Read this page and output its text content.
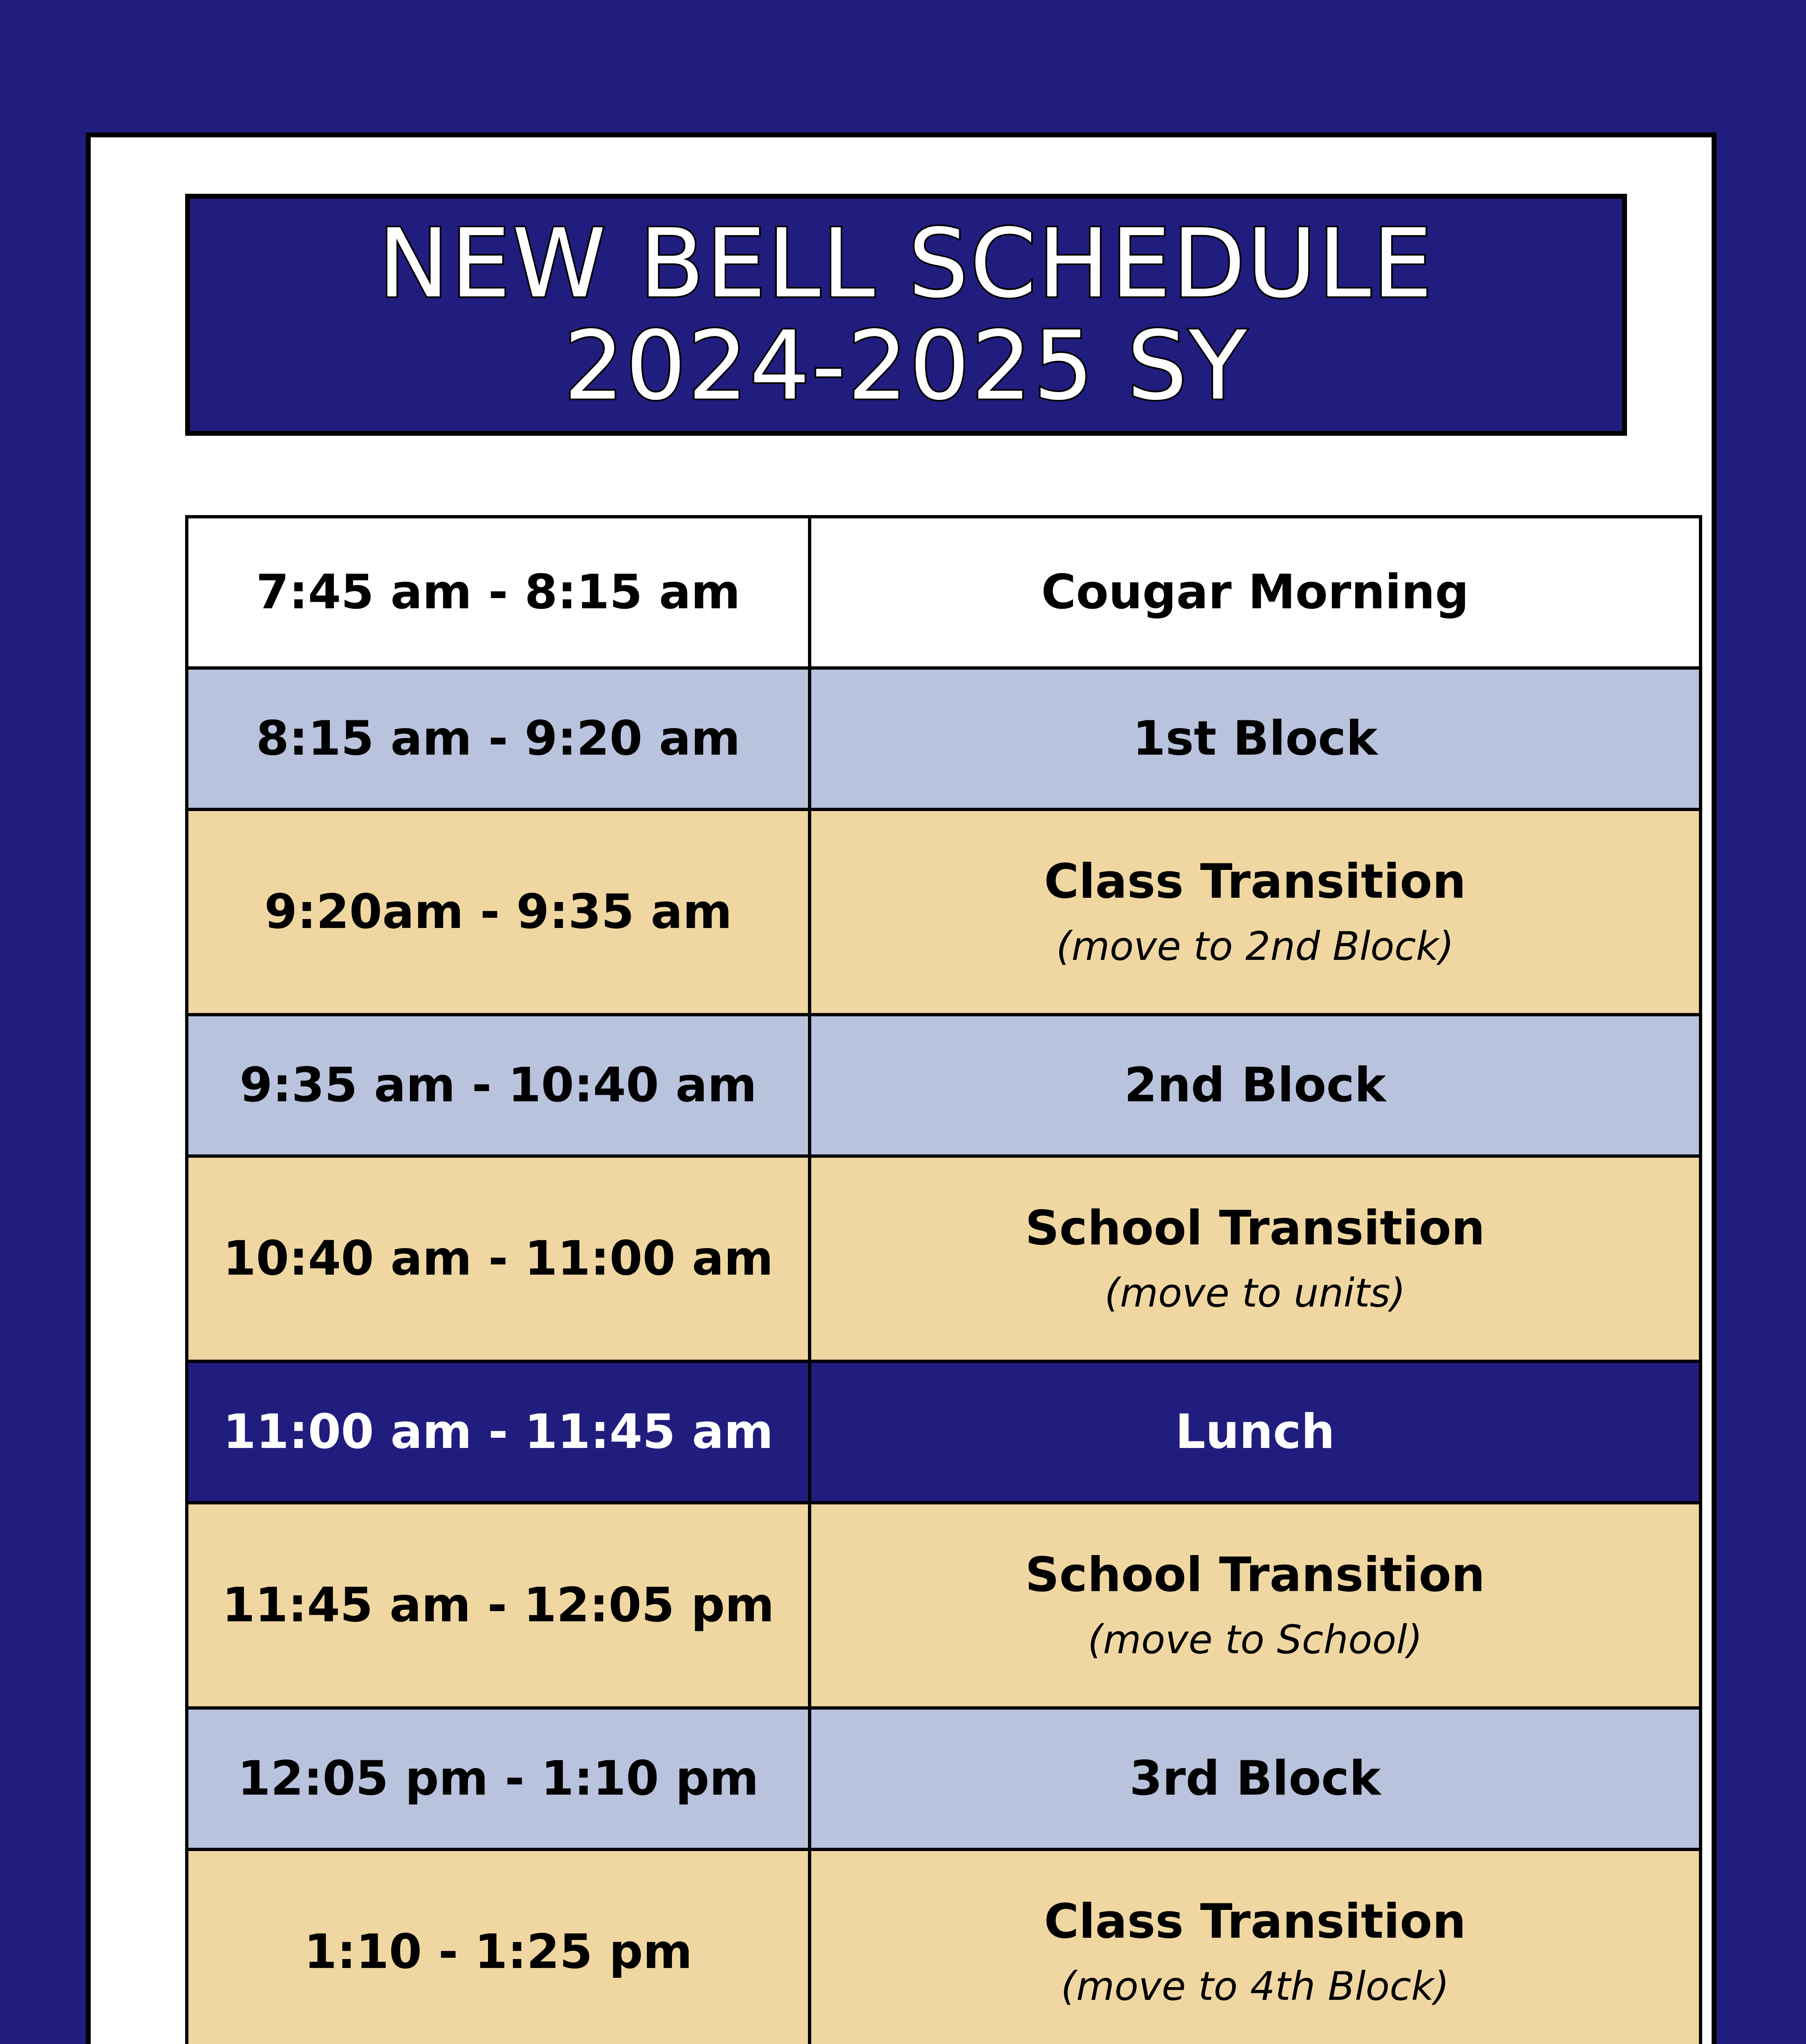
NEW BELL SCHEDULE
2024-2025 SY
7:45 am - 8:15 am	Cougar Morning

8:15 am - 9:20 am	1st Block

9:20am - 9:35 am	Class Transition
(move to 2nd Block)

9:35 am - 10:40 am	2nd Block

10:40 am - 11:00 am	School Transition
(move to units)

11:00 am - 11:45 am	Lunch

11:45 am - 12:05 pm	School Transition
(move to School)

12:05 pm - 1:10 pm	3rd Block

1:10 - 1:25 pm	Class Transition
(move to 4th Block)
